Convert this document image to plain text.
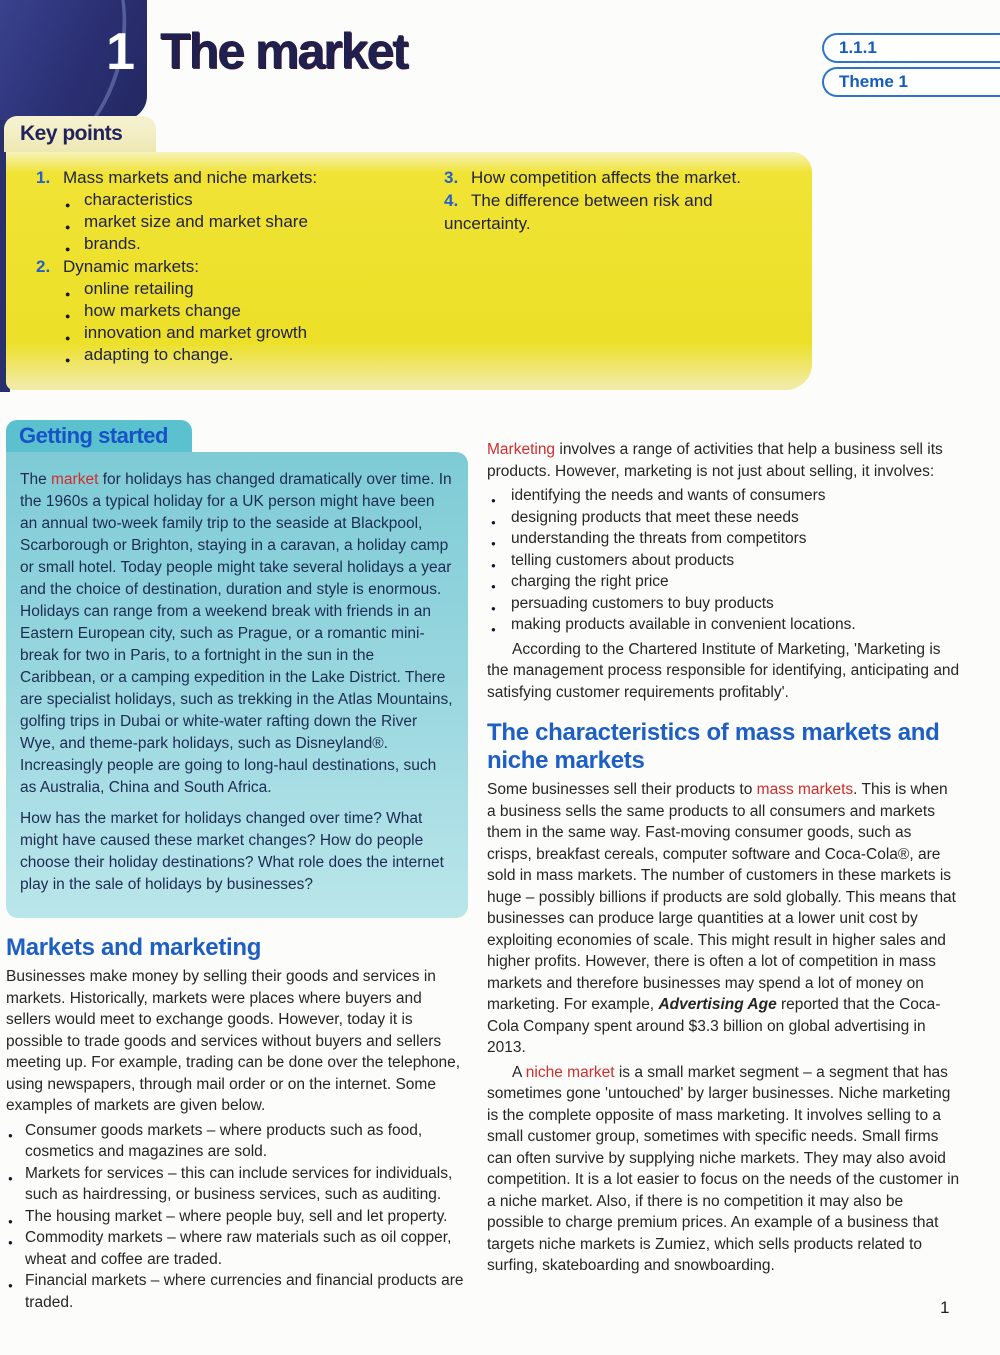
1 The market	1.1.1
Theme 1
Key points
1. Mass markets and niche markets:
● characteristics
● market size and market share
● brands.
2. Dynamic markets:
● online retailing
● how markets change
● innovation and market growth
● adapting to change.
3. How competition affects the market.
4. The difference between risk and uncertainty.
Getting started

The market for holidays has changed dramatically over time. In the 1960s a typical holiday for a UK person might have been an annual two-week family trip to the seaside at Blackpool, Scarborough or Brighton, staying in a caravan, a holiday camp or small hotel. Today people might take several holidays a year and the choice of destination, duration and style is enormous. Holidays can range from a weekend break with friends in an Eastern European city, such as Prague, or a romantic mini-break for two in Paris, to a fortnight in the sun in the Caribbean, or a camping expedition in the Lake District. There are specialist holidays, such as trekking in the Atlas Mountains, golfing trips in Dubai or white-water rafting down the River Wye, and theme-park holidays, such as Disneyland®. Increasingly people are going to long-haul destinations, such as Australia, China and South Africa.

How has the market for holidays changed over time? What might have caused these market changes? How do people choose their holiday destinations? What role does the internet play in the sale of holidays by businesses?

Markets and marketing

Businesses make money by selling their goods and services in markets. Historically, markets were places where buyers and sellers would meet to exchange goods. However, today it is possible to trade goods and services without buyers and sellers meeting up. For example, trading can be done over the telephone, using newspapers, through mail order or on the internet. Some examples of markets are given below.

● Consumer goods markets – where products such as food, cosmetics and magazines are sold.
● Markets for services – this can include services for individuals, such as hairdressing, or business services, such as auditing.
● The housing market – where people buy, sell and let property.
● Commodity markets – where raw materials such as oil copper, wheat and coffee are traded.
● Financial markets – where currencies and financial products are traded.

Marketing involves a range of activities that help a business sell its products. However, marketing is not just about selling, it involves:

● identifying the needs and wants of consumers
● designing products that meet these needs
● understanding the threats from competitors
● telling customers about products
● charging the right price
● persuading customers to buy products
● making products available in convenient locations.

According to the Chartered Institute of Marketing, 'Marketing is the management process responsible for identifying, anticipating and satisfying customer requirements profitably'.

The characteristics of mass markets and niche markets

Some businesses sell their products to mass markets. This is when a business sells the same products to all consumers and markets them in the same way. Fast-moving consumer goods, such as crisps, breakfast cereals, computer software and Coca-Cola®, are sold in mass markets. The number of customers in these markets is huge – possibly billions if products are sold globally. This means that businesses can produce large quantities at a lower unit cost by exploiting economies of scale. This might result in higher sales and higher profits. However, there is often a lot of competition in mass markets and therefore businesses may spend a lot of money on marketing. For example, Advertising Age reported that the Coca-Cola Company spent around $3.3 billion on global advertising in 2013.

A niche market is a small market segment – a segment that has sometimes gone 'untouched' by larger businesses. Niche marketing is the complete opposite of mass marketing. It involves selling to a small customer group, sometimes with specific needs. Small firms can often survive by supplying niche markets. They may also avoid competition. It is a lot easier to focus on the needs of the customer in a niche market. Also, if there is no competition it may also be possible to charge premium prices. An example of a business that targets niche markets is Zumiez, which sells products related to surfing, skateboarding and snowboarding.

1
